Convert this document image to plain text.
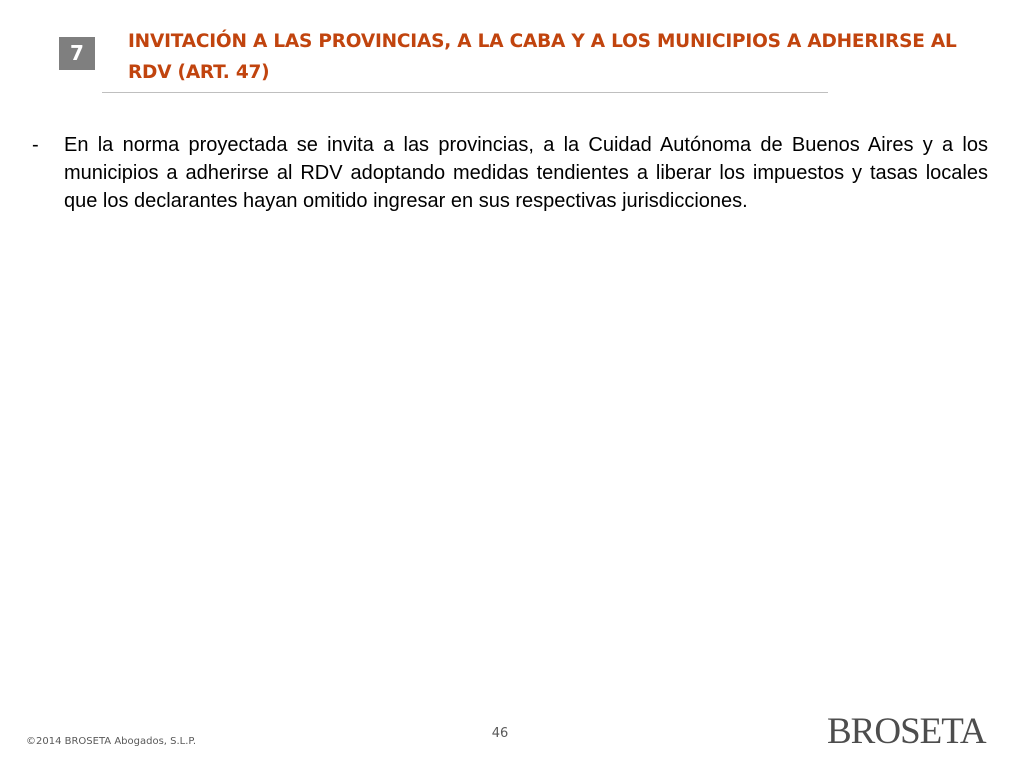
7	INVITACIÓN A LAS PROVINCIAS, A LA CABA Y A LOS MUNICIPIOS A ADHERIRSE AL RDV (ART. 47)
- En la norma proyectada se invita a las provincias, a la Cuidad Autónoma de Buenos Aires y a los municipios a adherirse al RDV adoptando medidas tendientes a liberar los impuestos y tasas locales que los declarantes hayan omitido ingresar en sus respectivas jurisdicciones.
©2014 BROSETA Abogados, S.L.P.
46	BROSETA
